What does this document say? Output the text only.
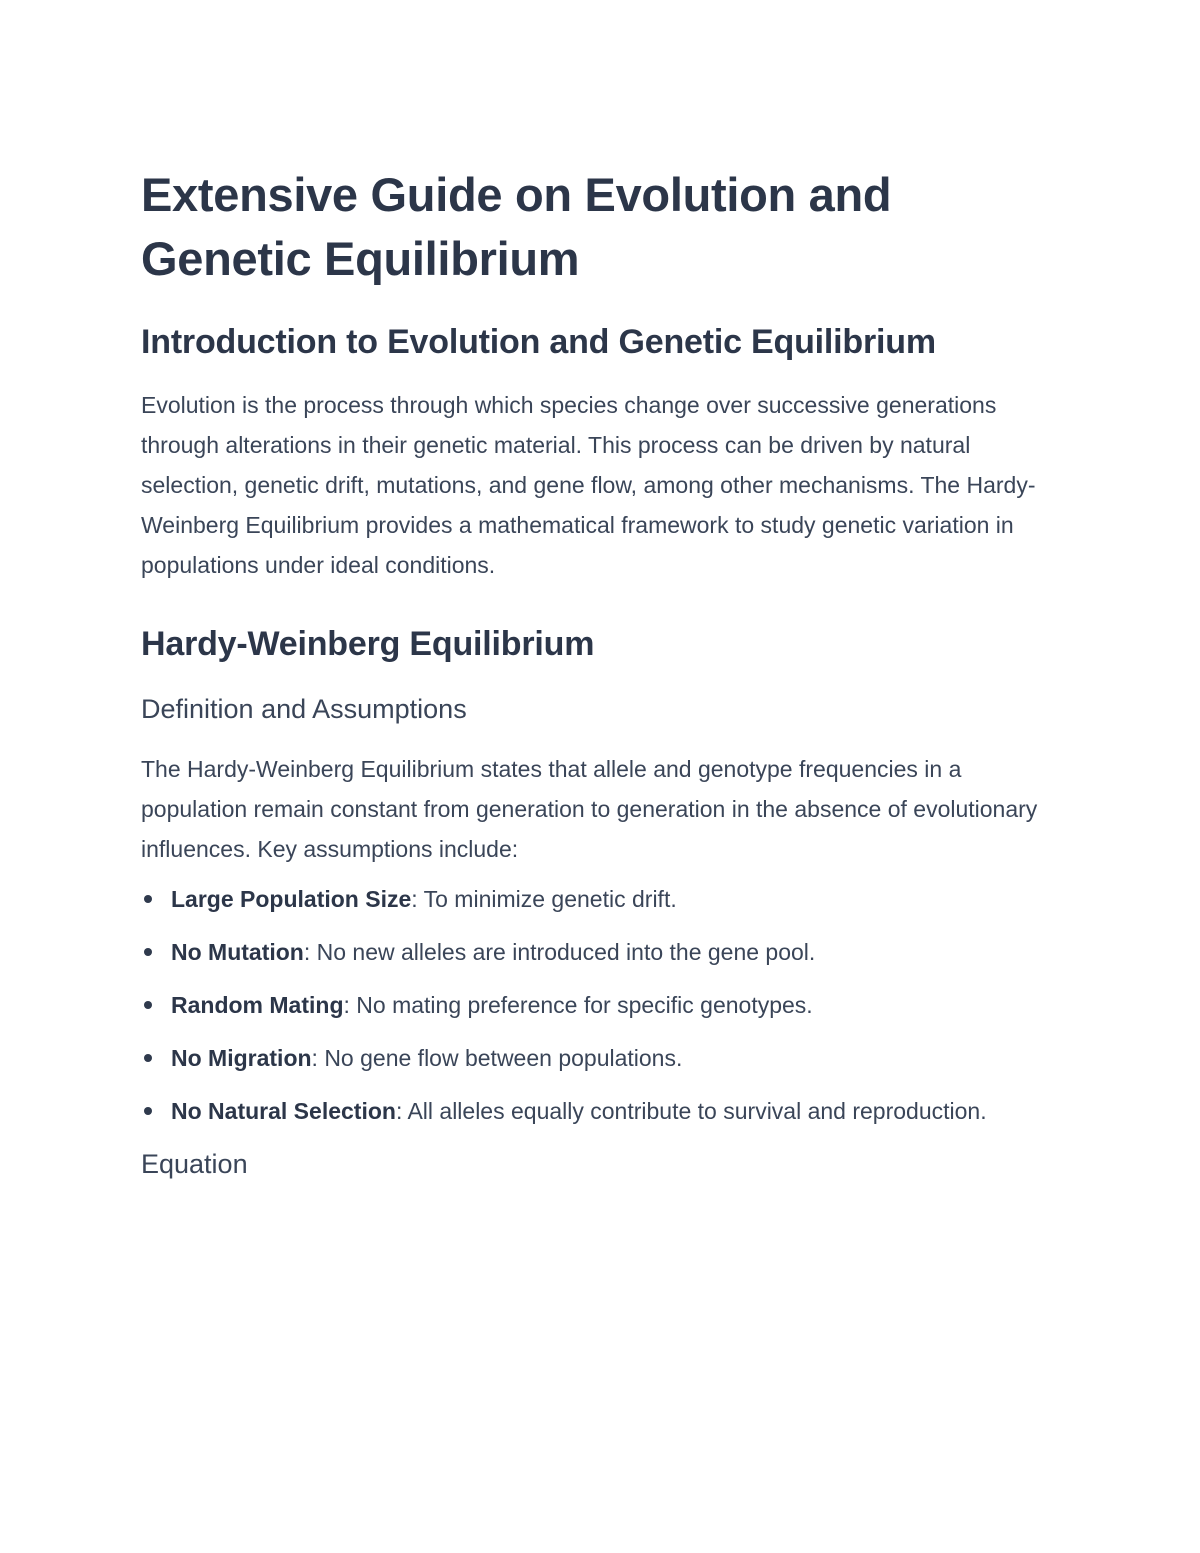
Extensive Guide on Evolution and Genetic Equilibrium
Introduction to Evolution and Genetic Equilibrium

Evolution is the process through which species change over successive generations through alterations in their genetic material. This process can be driven by natural selection, genetic drift, mutations, and gene flow, among other mechanisms. The Hardy-Weinberg Equilibrium provides a mathematical framework to study genetic variation in populations under ideal conditions.

Hardy-Weinberg Equilibrium
Definition and Assumptions

The Hardy-Weinberg Equilibrium states that allele and genotype frequencies in a population remain constant from generation to generation in the absence of evolutionary influences. Key assumptions include:

Large Population Size: To minimize genetic drift.
No Mutation: No new alleles are introduced into the gene pool.
Random Mating: No mating preference for specific genotypes.
No Migration: No gene flow between populations.
No Natural Selection: All alleles equally contribute to survival and reproduction.
Equation
